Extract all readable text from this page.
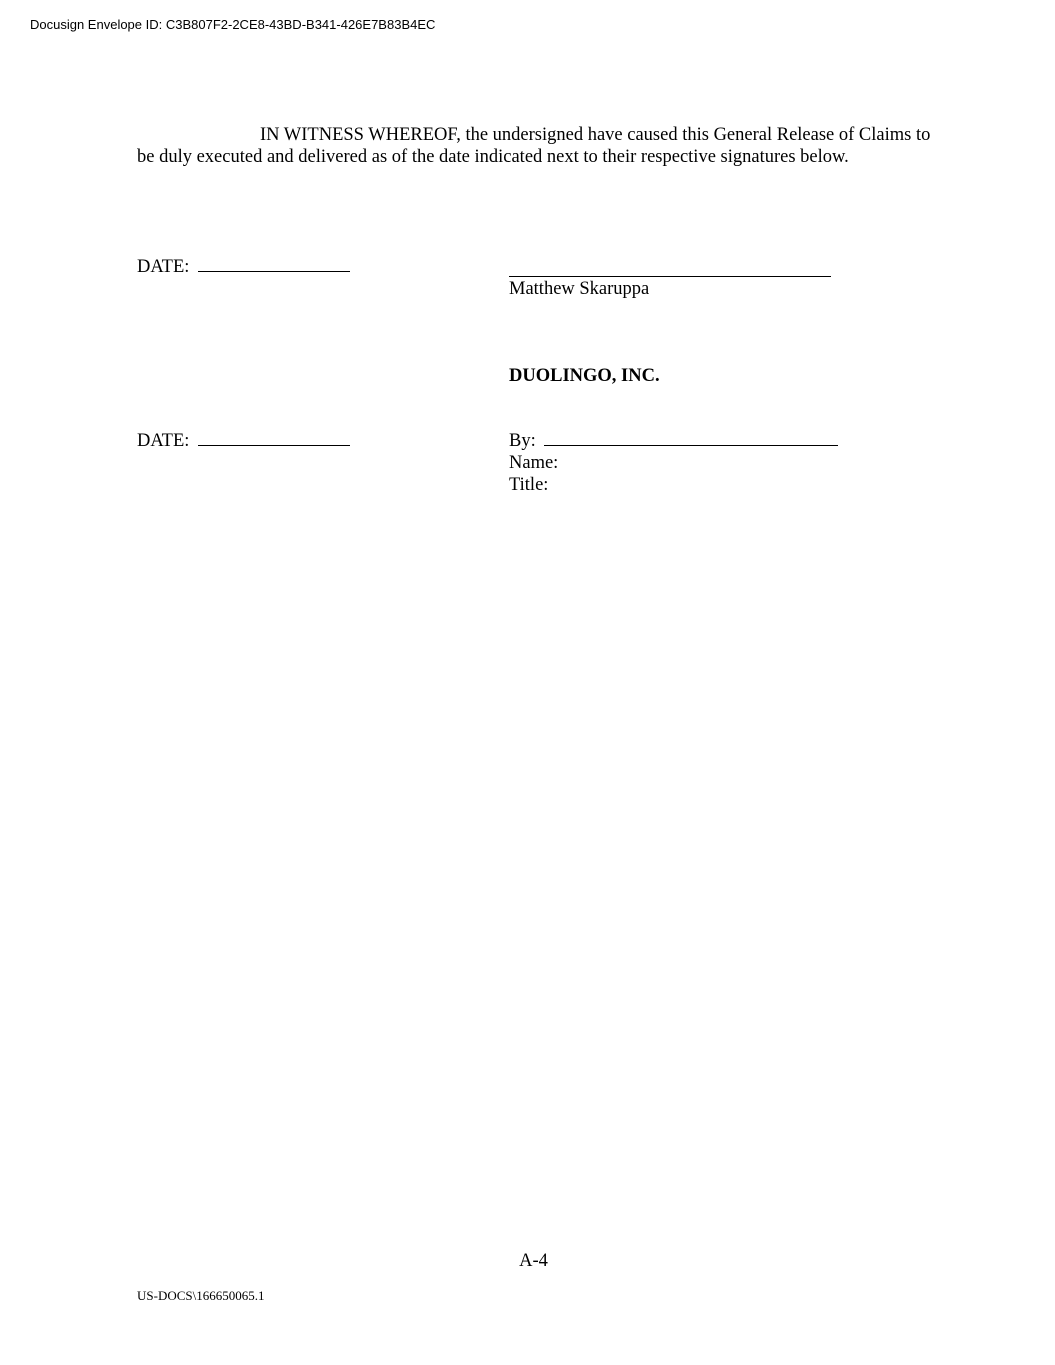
Docusign Envelope ID: C3B807F2-2CE8-43BD-B341-426E7B83B4EC

IN WITNESS WHEREOF, the undersigned have caused this General Release of Claims to be duly executed and delivered as of the date indicated next to their respective signatures below.

DATE:
Matthew Skaruppa
DUOLINGO, INC.
DATE:	By:
Name:
Title:
A-4
US-DOCS\166650065.1
